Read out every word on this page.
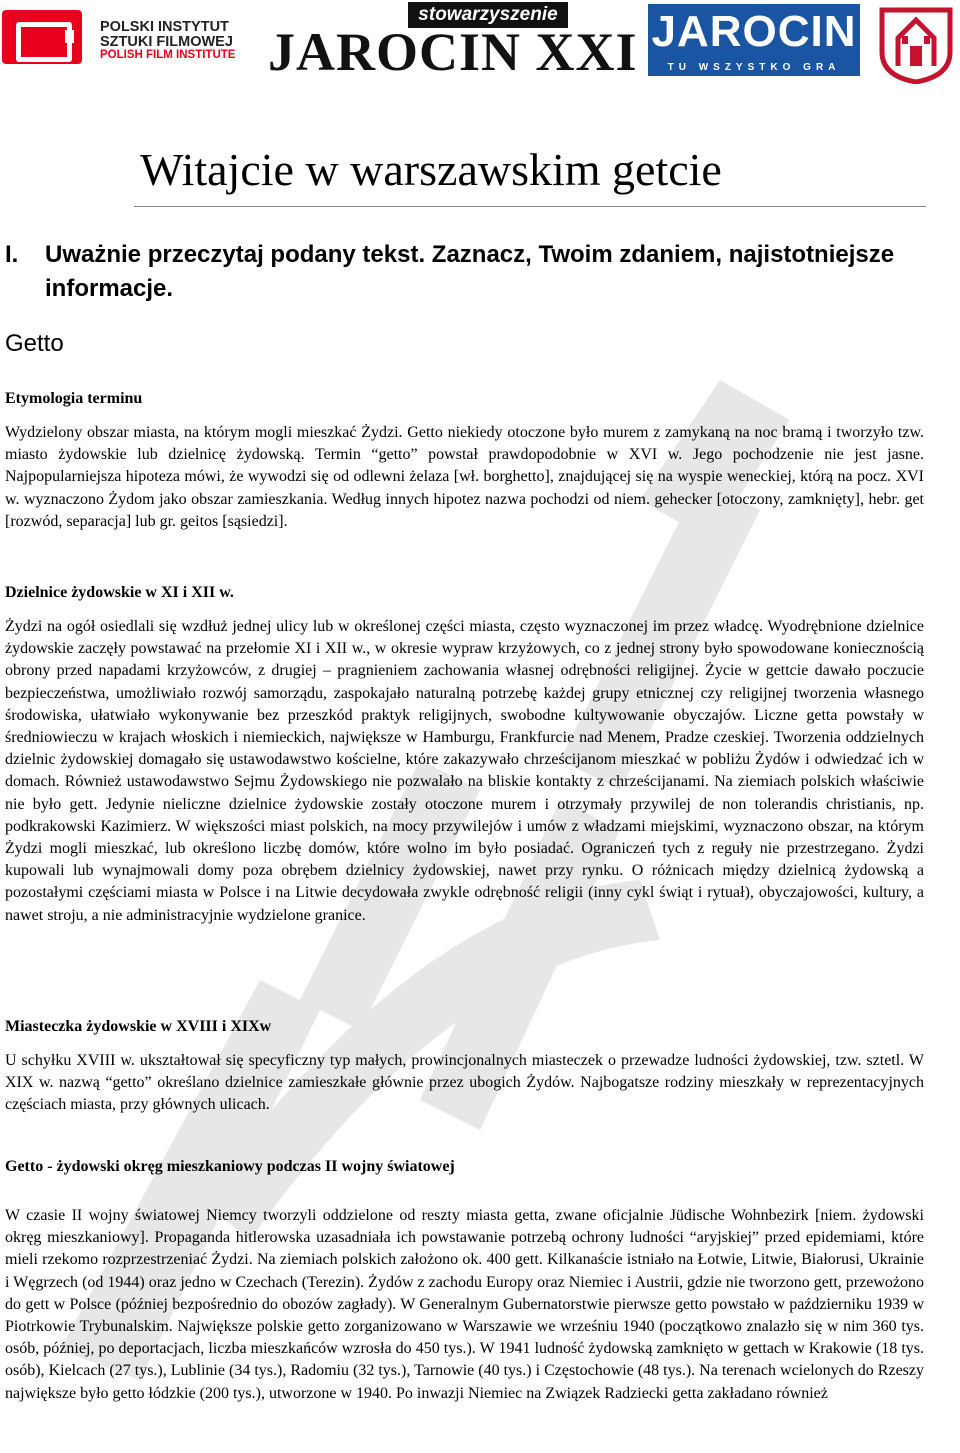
POLSKI INSTYTUT
SZTUKI FILMOWEJ
POLISH FILM INSTITUTE
stowarzyszenie
JAROCIN XXI JAROCIN
TU WSZYSTKO GRA
Witajcie w warszawskim getcie
I. Uważnie przeczytaj podany tekst. Zaznacz, Twoim zdaniem, najistotniejsze informacje.
Getto
Etymologia terminu

Wydzielony obszar miasta, na którym mogli mieszkać Żydzi. Getto niekiedy otoczone było murem z zamykaną na noc bramą i tworzyło tzw. miasto żydowskie lub dzielnicę żydowską. Termin “getto” powstał prawdopodobnie w XVI w. Jego pochodzenie nie jest jasne. Najpopularniejsza hipoteza mówi, że wywodzi się od odlewni żelaza [wł. borghetto], znajdującej się na wyspie weneckiej, którą na pocz. XVI w. wyznaczono Żydom jako obszar zamieszkania. Według innych hipotez nazwa pochodzi od niem. gehecker [otoczony, zamknięty], hebr. get [rozwód, separacja] lub gr. geitos [sąsiedzi].

Dzielnice żydowskie w XI i XII w.

Żydzi na ogół osiedlali się wzdłuż jednej ulicy lub w określonej części miasta, często wyznaczonej im przez władcę. Wyodrębnione dzielnice żydowskie zaczęły powstawać na przełomie XI i XII w., w okresie wypraw krzyżowych, co z jednej strony było spowodowane koniecznością obrony przed napadami krzyżowców, z drugiej – pragnieniem zachowania własnej odrębności religijnej. Życie w gettcie dawało poczucie bezpieczeństwa, umożliwiało rozwój samorządu, zaspokajało naturalną potrzebę każdej grupy etnicznej czy religijnej tworzenia własnego środowiska, ułatwiało wykonywanie bez przeszkód praktyk religijnych, swobodne kultywowanie obyczajów. Liczne getta powstały w średniowieczu w krajach włoskich i niemieckich, największe w Hamburgu, Frankfurcie nad Menem, Pradze czeskiej. Tworzenia oddzielnych dzielnic żydowskiej domagało się ustawodawstwo kościelne, które zakazywało chrześcijanom mieszkać w pobliżu Żydów i odwiedzać ich w domach. Również ustawodawstwo Sejmu Żydowskiego nie pozwalało na bliskie kontakty z chrześcijanami. Na ziemiach polskich właściwie nie było gett. Jedynie nieliczne dzielnice żydowskie zostały otoczone murem i otrzymały przywilej de non tolerandis christianis, np. podkrakowski Kazimierz. W większości miast polskich, na mocy przywilejów i umów z władzami miejskimi, wyznaczono obszar, na którym Żydzi mogli mieszkać, lub określono liczbę domów, które wolno im było posiadać. Ograniczeń tych z reguły nie przestrzegano. Żydzi kupowali lub wynajmowali domy poza obrębem dzielnicy żydowskiej, nawet przy rynku. O różnicach między dzielnicą żydowską a pozostałymi częściami miasta w Polsce i na Litwie decydowała zwykle odrębność religii (inny cykl świąt i rytuał), obyczajowości, kultury, a nawet stroju, a nie administracyjnie wydzielone granice.

Miasteczka żydowskie w XVIII i XIXw

U schyłku XVIII w. ukształtował się specyficzny typ małych, prowincjonalnych miasteczek o przewadze ludności żydowskiej, tzw. sztetl. W XIX w. nazwą “getto” określano dzielnice zamieszkałe głównie przez ubogich Żydów. Najbogatsze rodziny mieszkały w reprezentacyjnych częściach miasta, przy głównych ulicach.

Getto - żydowski okręg mieszkaniowy podczas II wojny światowej

W czasie II wojny światowej Niemcy tworzyli oddzielone od reszty miasta getta, zwane oficjalnie Jüdische Wohnbezirk [niem. żydowski okręg mieszkaniowy]. Propaganda hitlerowska uzasadniała ich powstawanie potrzebą ochrony ludności “aryjskiej” przed epidemiami, które mieli rzekomo rozprzestrzeniać Żydzi. Na ziemiach polskich założono ok. 400 gett. Kilkanaście istniało na Łotwie, Litwie, Białorusi, Ukrainie i Węgrzech (od 1944) oraz jedno w Czechach (Terezin). Żydów z zachodu Europy oraz Niemiec i Austrii, gdzie nie tworzono gett, przewożono do gett w Polsce (później bezpośrednio do obozów zagłady). W Generalnym Gubernatorstwie pierwsze getto powstało w październiku 1939 w Piotrkowie Trybunalskim. Największe polskie getto zorganizowano w Warszawie we wrześniu 1940 (początkowo znalazło się w nim 360 tys. osób, później, po deportacjach, liczba mieszkańców wzrosła do 450 tys.). W 1941 ludność żydowską zamknięto w gettach w Krakowie (18 tys. osób), Kielcach (27 tys.), Lublinie (34 tys.), Radomiu (32 tys.), Tarnowie (40 tys.) i Częstochowie (48 tys.). Na terenach wcielonych do Rzeszy największe było getto łódzkie (200 tys.), utworzone w 1940. Po inwazji Niemiec na Związek Radziecki getta zakładano również
